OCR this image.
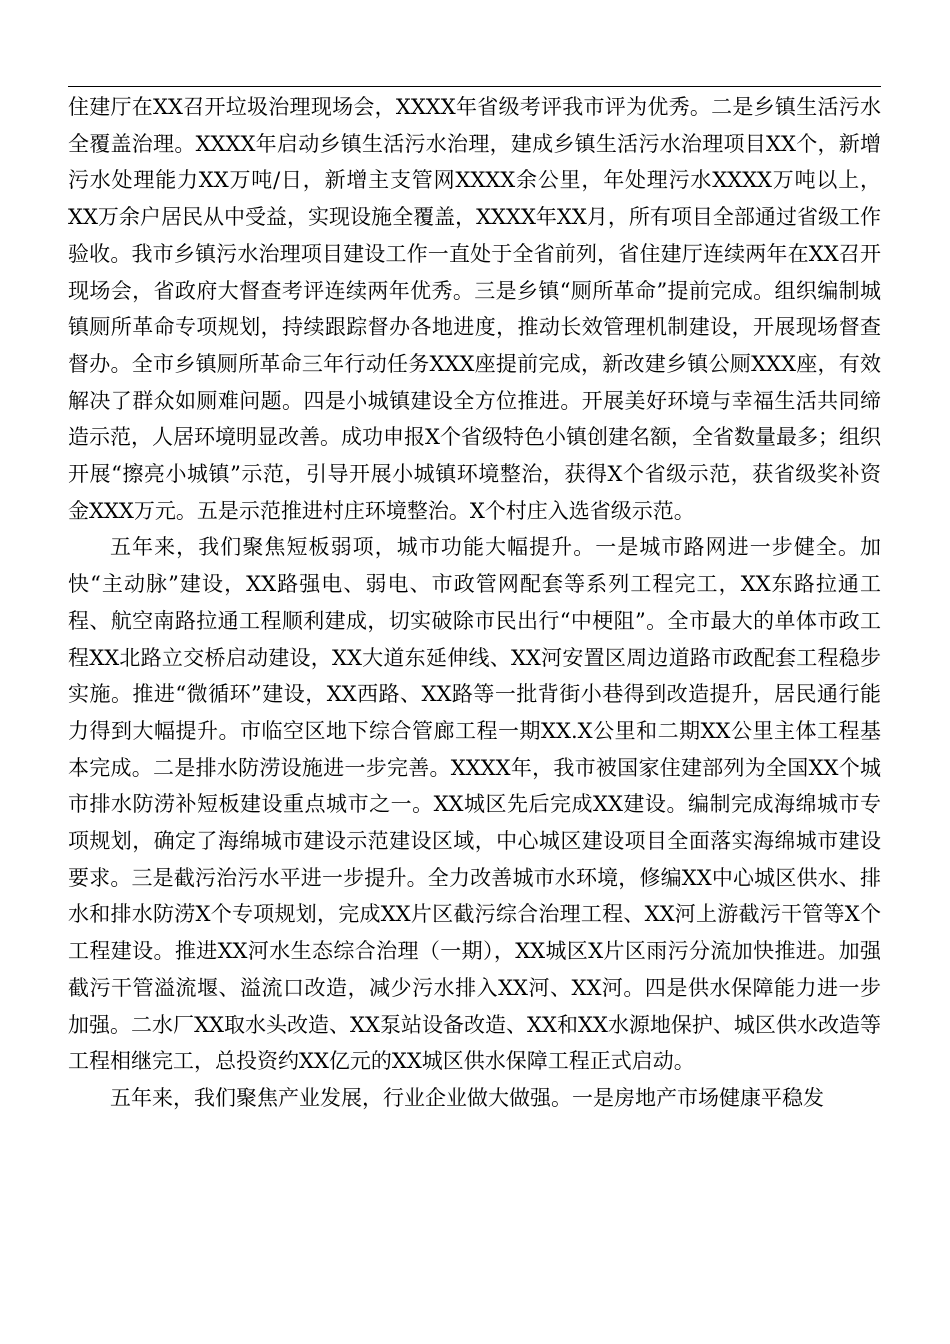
住建厅在XX召开垃圾治理现场会，XXXX年省级考评我市评为优秀。二是乡镇生活污水全覆盖治理。XXXX年启动乡镇生活污水治理，建成乡镇生活污水治理项目XX个，新增污水处理能力XX万吨/日，新增主支管网XXXX余公里，年处理污水XXXX万吨以上，XX万余户居民从中受益，实现设施全覆盖，XXXX年XX月，所有项目全部通过省级工作验收。我市乡镇污水治理项目建设工作一直处于全省前列，省住建厅连续两年在XX召开现场会，省政府大督查考评连续两年优秀。三是乡镇“厕所革命”提前完成。组织编制城镇厕所革命专项规划，持续跟踪督办各地进度，推动长效管理机制建设，开展现场督查督办。全市乡镇厕所革命三年行动任务XXX座提前完成，新改建乡镇公厕XXX座，有效解决了群众如厕难问题。四是小城镇建设全方位推进。开展美好环境与幸福生活共同缔造示范，人居环境明显改善。成功申报X个省级特色小镇创建名额，全省数量最多；组织开展“擦亮小城镇”示范，引导开展小城镇环境整治，获得X个省级示范，获省级奖补资金XXX万元。五是示范推进村庄环境整治。X个村庄入选省级示范。

五年来，我们聚焦短板弱项，城市功能大幅提升。一是城市路网进一步健全。加快“主动脉”建设，XX路强电、弱电、市政管网配套等系列工程完工，XX东路拉通工程、航空南路拉通工程顺利建成，切实破除市民出行“中梗阻”。全市最大的单体市政工程XX北路立交桥启动建设，XX大道东延伸线、XX河安置区周边道路市政配套工程稳步实施。推进“微循环”建设，XX西路、XX路等一批背街小巷得到改造提升，居民通行能力得到大幅提升。市临空区地下综合管廊工程一期XX.X公里和二期XX公里主体工程基本完成。二是排水防涝设施进一步完善。XXXX年，我市被国家住建部列为全国XX个城市排水防涝补短板建设重点城市之一。XX城区先后完成XX建设。编制完成海绵城市专项规划，确定了海绵城市建设示范建设区域，中心城区建设项目全面落实海绵城市建设要求。三是截污治污水平进一步提升。全力改善城市水环境，修编XX中心城区供水、排水和排水防涝X个专项规划，完成XX片区截污综合治理工程、XX河上游截污干管等X个工程建设。推进XX河水生态综合治理（一期），XX城区X片区雨污分流加快推进。加强截污干管溢流堰、溢流口改造，减少污水排入XX河、XX河。四是供水保障能力进一步加强。二水厂XX取水头改造、XX泵站设备改造、XX和XX水源地保护、城区供水改造等工程相继完工，总投资约XX亿元的XX城区供水保障工程正式启动。

五年来，我们聚焦产业发展，行业企业做大做强。一是房地产市场健康平稳发
